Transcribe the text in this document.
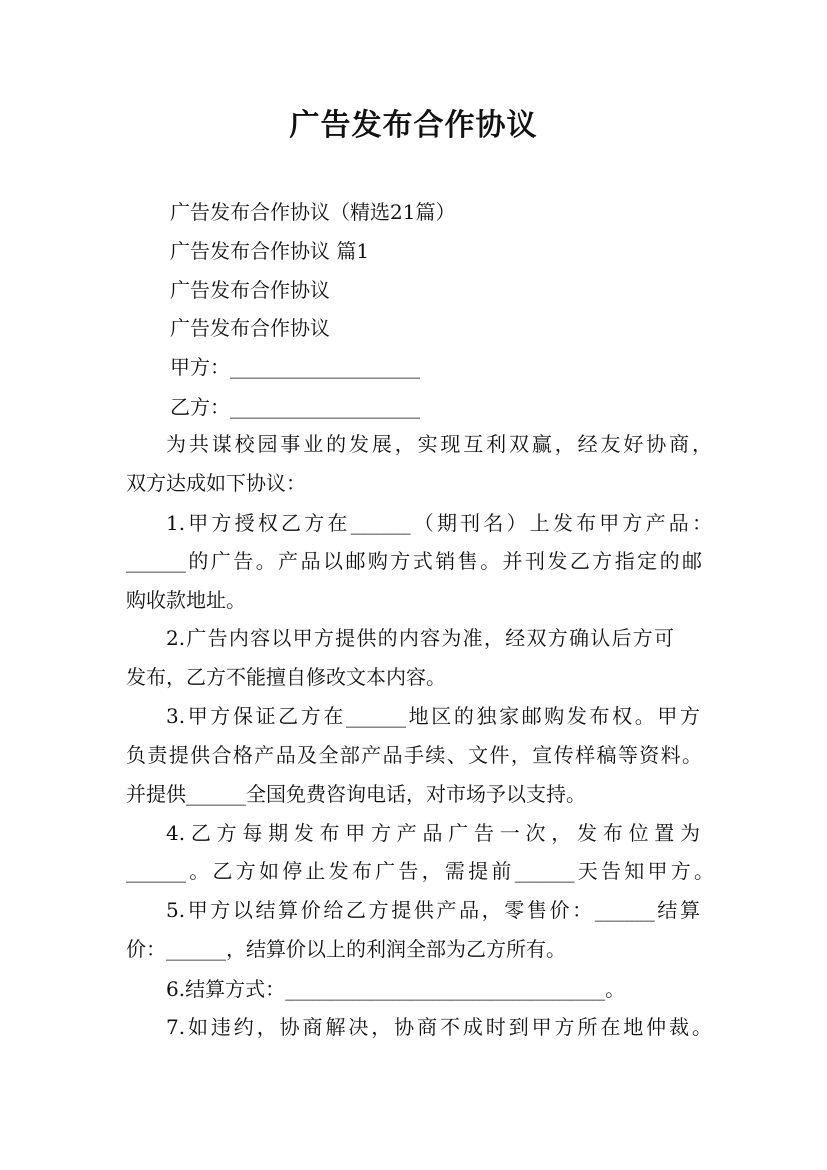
广告发布合作协议
广告发布合作协议（精选21篇）
广告发布合作协议 篇1
广告发布合作协议
广告发布合作协议
甲方：___________________
乙方：___________________
为共谋校园事业的发展，实现互利双赢，经友好协商，
双方达成如下协议：
1.甲方授权乙方在______（期刊名）上发布甲方产品：
______的广告。产品以邮购方式销售。并刊发乙方指定的邮
购收款地址。
2.广告内容以甲方提供的内容为准，经双方确认后方可
发布，乙方不能擅自修改文本内容。
3.甲方保证乙方在______地区的独家邮购发布权。甲方
负责提供合格产品及全部产品手续、文件，宣传样稿等资料。
并提供______全国免费咨询电话，对市场予以支持。
4.乙方每期发布甲方产品广告一次，发布位置为
______。乙方如停止发布广告，需提前______天告知甲方。
5.甲方以结算价给乙方提供产品，零售价：______结算
价：______，结算价以上的利润全部为乙方所有。
6.结算方式：________________________________。
7.如违约，协商解决，协商不成时到甲方所在地仲裁。
